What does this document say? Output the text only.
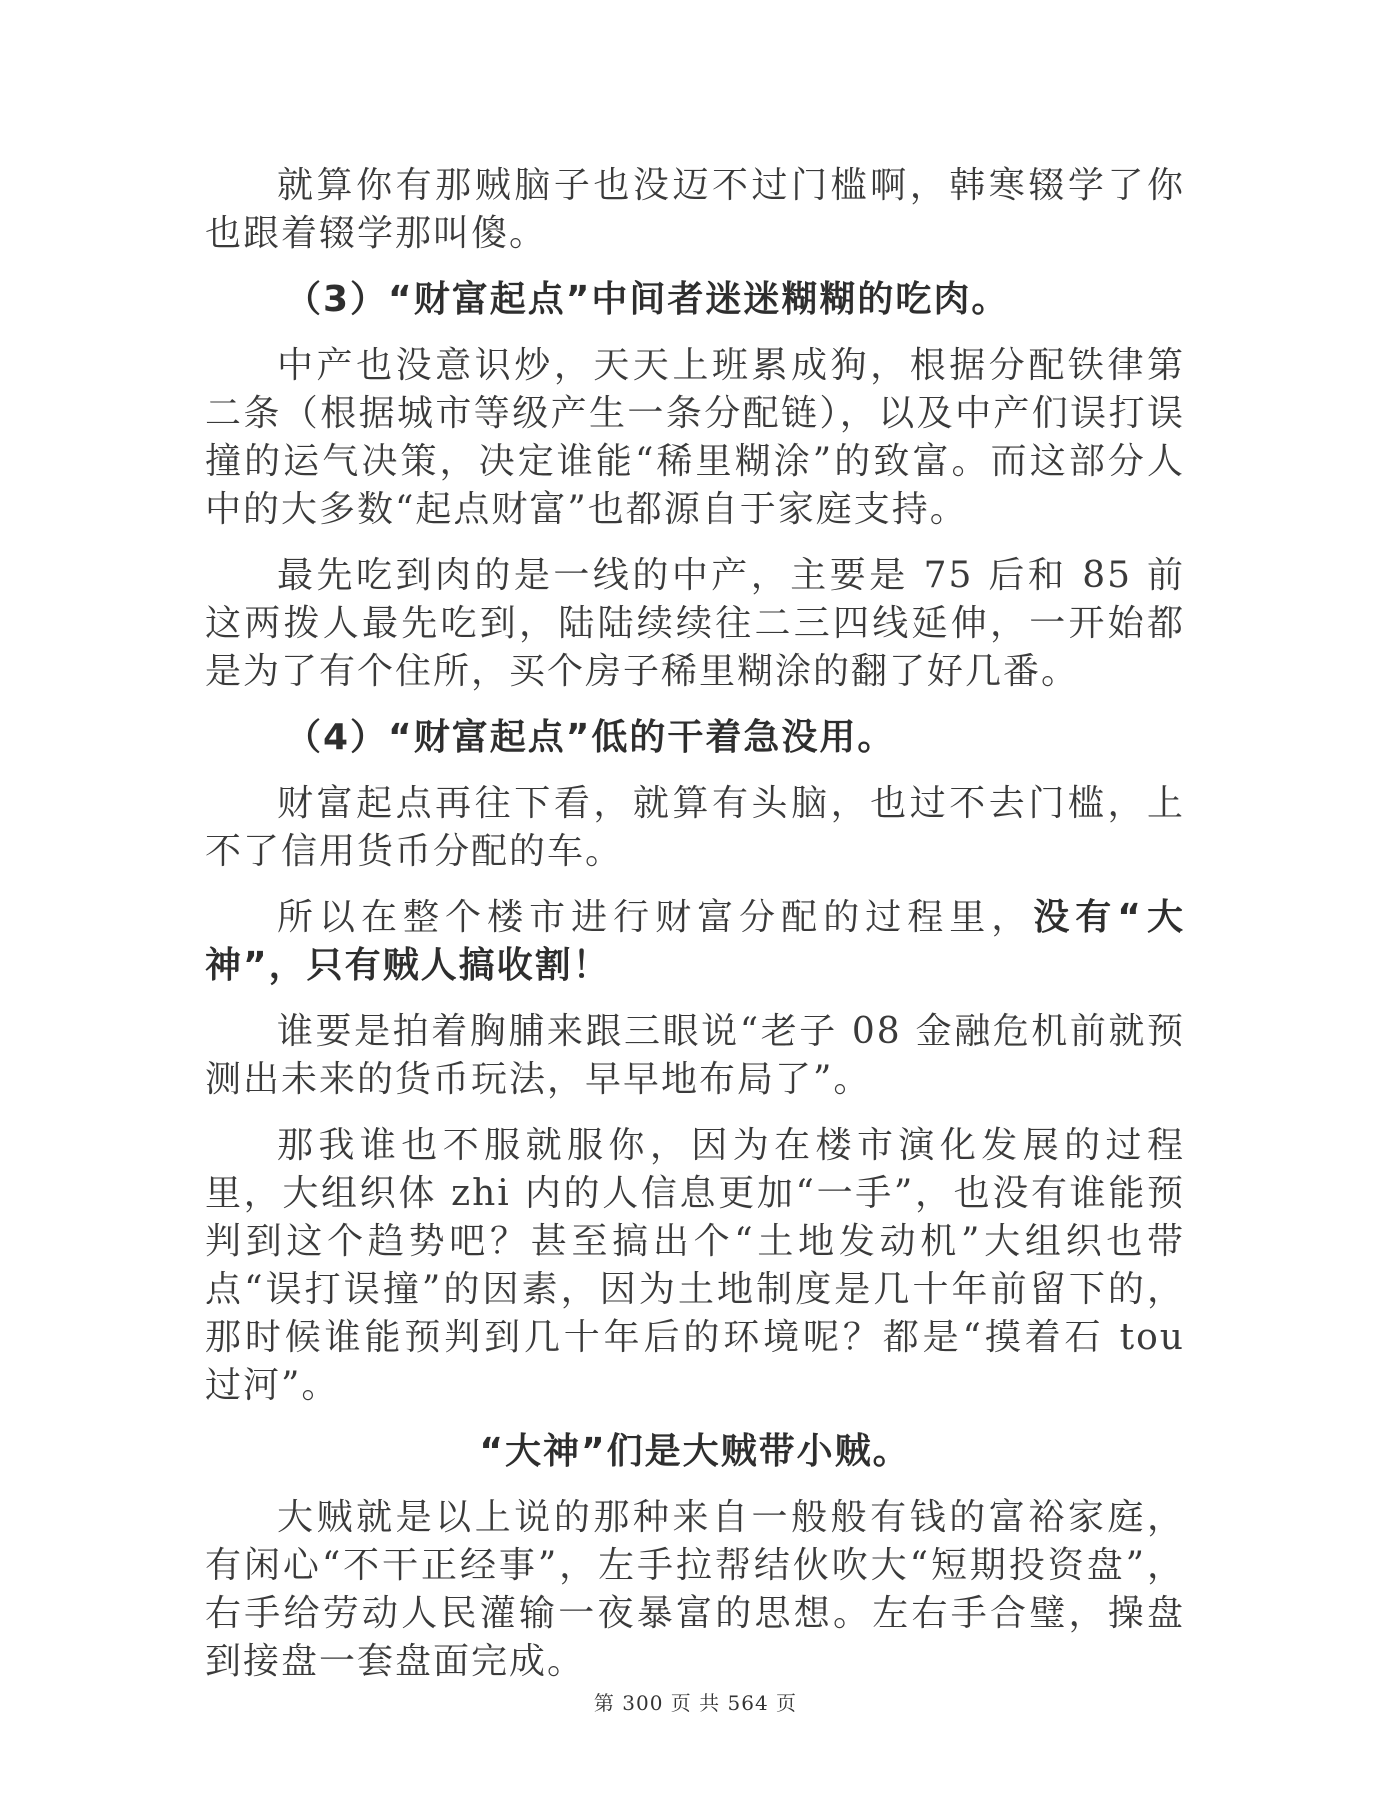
就算你有那贼脑子也没迈不过门槛啊，韩寒辍学了你也跟着辍学那叫傻。

（3）“财富起点”中间者迷迷糊糊的吃肉。

中产也没意识炒，天天上班累成狗，根据分配铁律第二条（根据城市等级产生一条分配链），以及中产们误打误撞的运气决策，决定谁能“稀里糊涂”的致富。而这部分人中的大多数“起点财富”也都源自于家庭支持。

最先吃到肉的是一线的中产，主要是 75 后和 85 前这两拨人最先吃到，陆陆续续往二三四线延伸，一开始都是为了有个住所，买个房子稀里糊涂的翻了好几番。

（4）“财富起点”低的干着急没用。

财富起点再往下看，就算有头脑，也过不去门槛，上不了信用货币分配的车。

所以在整个楼市进行财富分配的过程里，没有“大神”，只有贼人搞收割！

谁要是拍着胸脯来跟三眼说“老子 08 金融危机前就预测出未来的货币玩法，早早地布局了”。

那我谁也不服就服你，因为在楼市演化发展的过程里，大组织体 zhi 内的人信息更加“一手”，也没有谁能预判到这个趋势吧？甚至搞出个“土地发动机”大组织也带点“误打误撞”的因素，因为土地制度是几十年前留下的，那时候谁能预判到几十年后的环境呢？都是“摸着石 tou 过河”。

“大神”们是大贼带小贼。

大贼就是以上说的那种来自一般般有钱的富裕家庭，有闲心“不干正经事”，左手拉帮结伙吹大“短期投资盘”，右手给劳动人民灌输一夜暴富的思想。左右手合璧，操盘到接盘一套盘面完成。

第 300 页 共 564 页
